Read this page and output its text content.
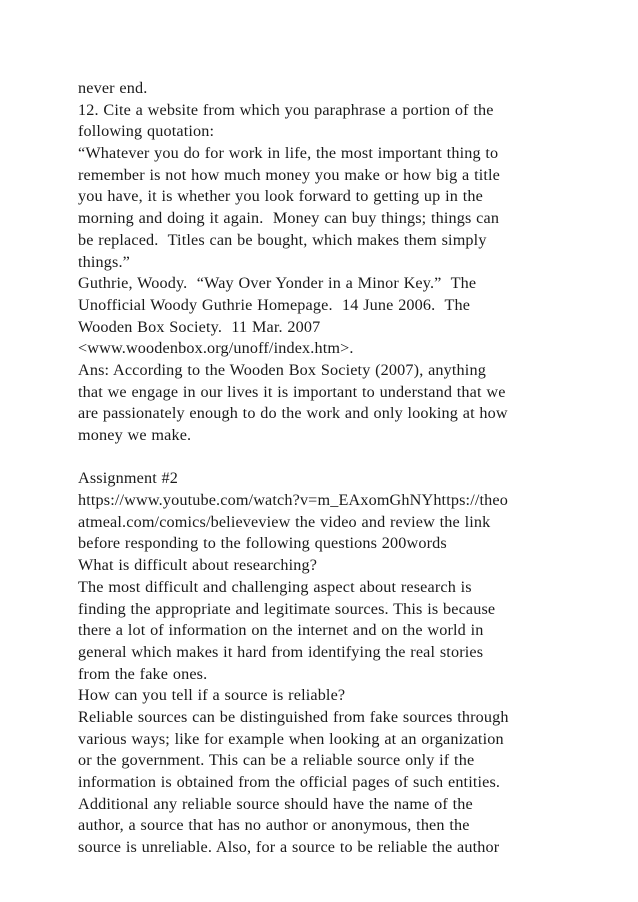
never end.
12. Cite a website from which you paraphrase a portion of the
following quotation:
“Whatever you do for work in life, the most important thing to
remember is not how much money you make or how big a title
you have, it is whether you look forward to getting up in the
morning and doing it again.  Money can buy things; things can
be replaced.  Titles can be bought, which makes them simply
things.”
Guthrie, Woody.  “Way Over Yonder in a Minor Key.”  The
Unofficial Woody Guthrie Homepage.  14 June 2006.  The
Wooden Box Society.  11 Mar. 2007
<www.woodenbox.org/unoff/index.htm>.
Ans: According to the Wooden Box Society (2007), anything
that we engage in our lives it is important to understand that we
are passionately enough to do the work and only looking at how
money we make.
Assignment #2
https://www.youtube.com/watch?v=m_EAxomGhNYhttps://theo
atmeal.com/comics/believeview the video and review the link
before responding to the following questions 200words
What is difficult about researching?
The most difficult and challenging aspect about research is
finding the appropriate and legitimate sources. This is because
there a lot of information on the internet and on the world in
general which makes it hard from identifying the real stories
from the fake ones.
How can you tell if a source is reliable?
Reliable sources can be distinguished from fake sources through
various ways; like for example when looking at an organization
or the government. This can be a reliable source only if the
information is obtained from the official pages of such entities.
Additional any reliable source should have the name of the
author, a source that has no author or anonymous, then the
source is unreliable. Also, for a source to be reliable the author
